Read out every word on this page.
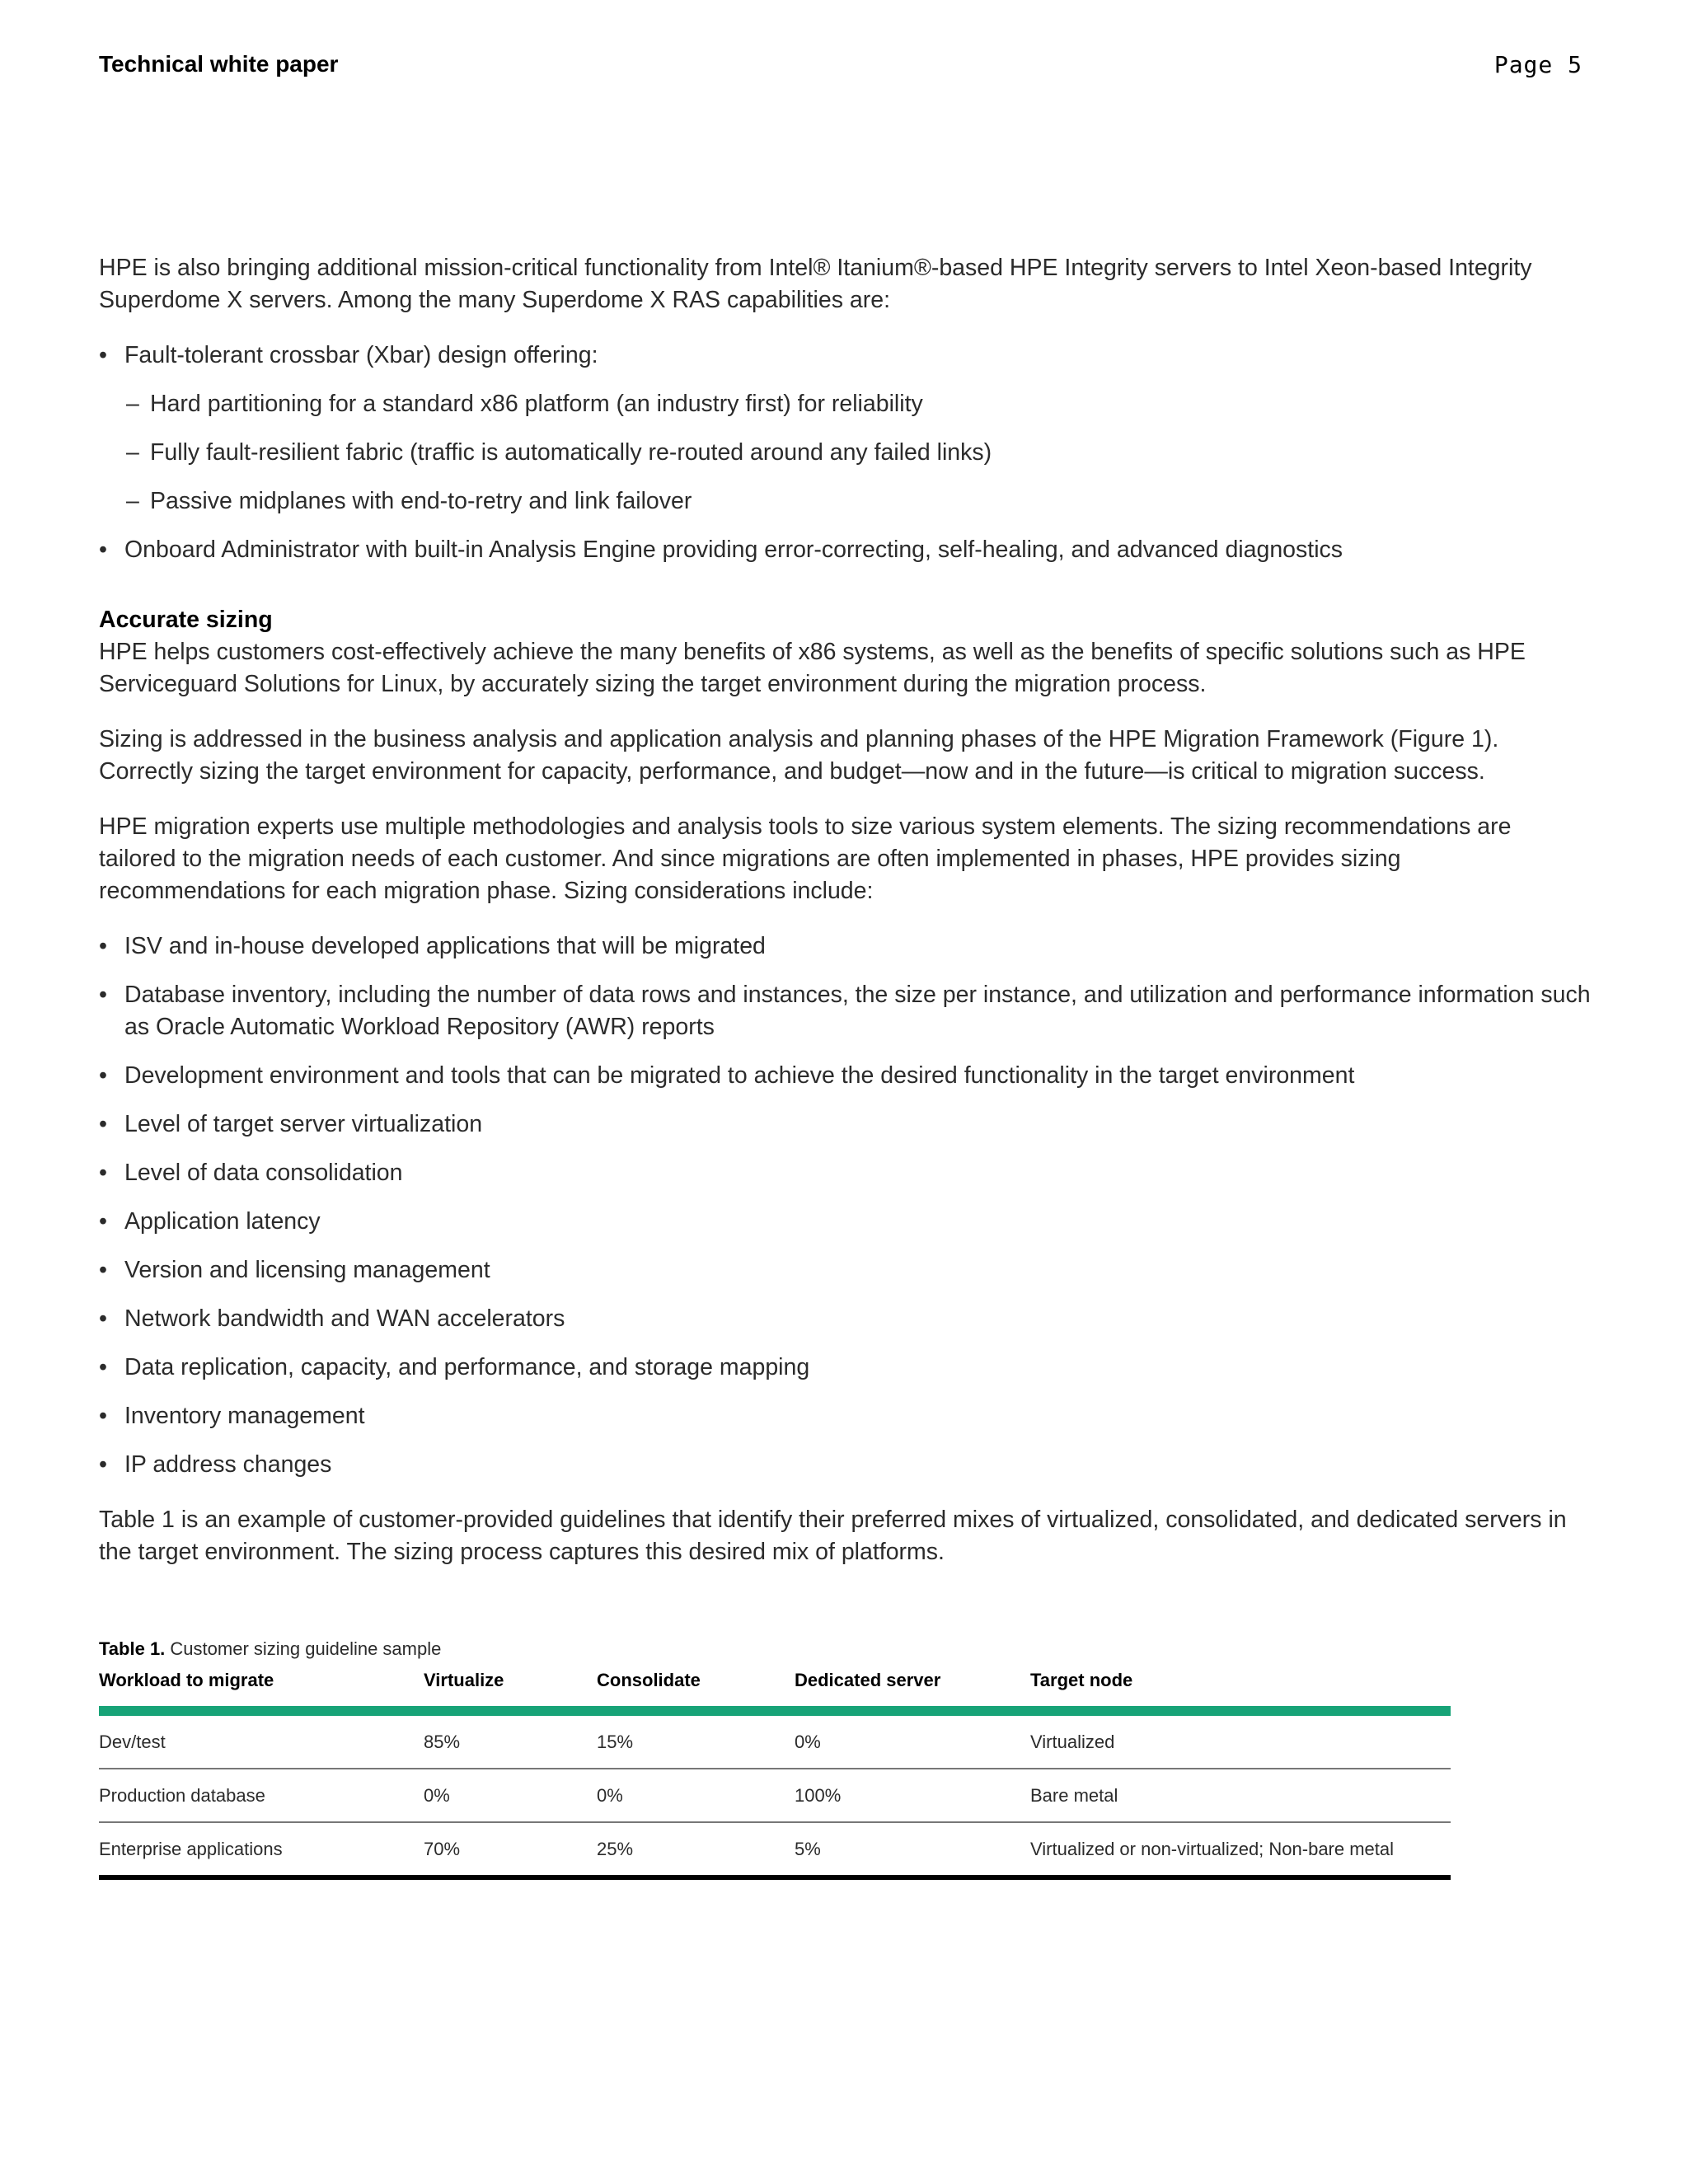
Technical white paper	Page 5

HPE is also bringing additional mission-critical functionality from Intel® Itanium®-based HPE Integrity servers to Intel Xeon-based Integrity Superdome X servers. Among the many Superdome X RAS capabilities are:

• Fault-tolerant crossbar (Xbar) design offering:
– Hard partitioning for a standard x86 platform (an industry first) for reliability
– Fully fault-resilient fabric (traffic is automatically re-routed around any failed links)
– Passive midplanes with end-to-retry and link failover
• Onboard Administrator with built-in Analysis Engine providing error-correcting, self-healing, and advanced diagnostics
Accurate sizing

HPE helps customers cost-effectively achieve the many benefits of x86 systems, as well as the benefits of specific solutions such as HPE Serviceguard Solutions for Linux, by accurately sizing the target environment during the migration process.

Sizing is addressed in the business analysis and application analysis and planning phases of the HPE Migration Framework (Figure 1). Correctly sizing the target environment for capacity, performance, and budget—now and in the future—is critical to migration success.

HPE migration experts use multiple methodologies and analysis tools to size various system elements. The sizing recommendations are tailored to the migration needs of each customer. And since migrations are often implemented in phases, HPE provides sizing recommendations for each migration phase. Sizing considerations include:

• ISV and in-house developed applications that will be migrated
• Database inventory, including the number of data rows and instances, the size per instance, and utilization and performance information such as Oracle Automatic Workload Repository (AWR) reports
• Development environment and tools that can be migrated to achieve the desired functionality in the target environment
• Level of target server virtualization
• Level of data consolidation
• Application latency
• Version and licensing management
• Network bandwidth and WAN accelerators
• Data replication, capacity, and performance, and storage mapping
• Inventory management
• IP address changes

Table 1 is an example of customer-provided guidelines that identify their preferred mixes of virtualized, consolidated, and dedicated servers in the target environment. The sizing process captures this desired mix of platforms.

Table 1. Customer sizing guideline sample
Workload to migrate	Virtualize	Consolidate	Dedicated server	Target node
Dev/test	85%	15%	0%	Virtualized
Production database	0%	0%	100%	Bare metal
Enterprise applications	70%	25%	5%	Virtualized or non-virtualized; Non-bare metal
